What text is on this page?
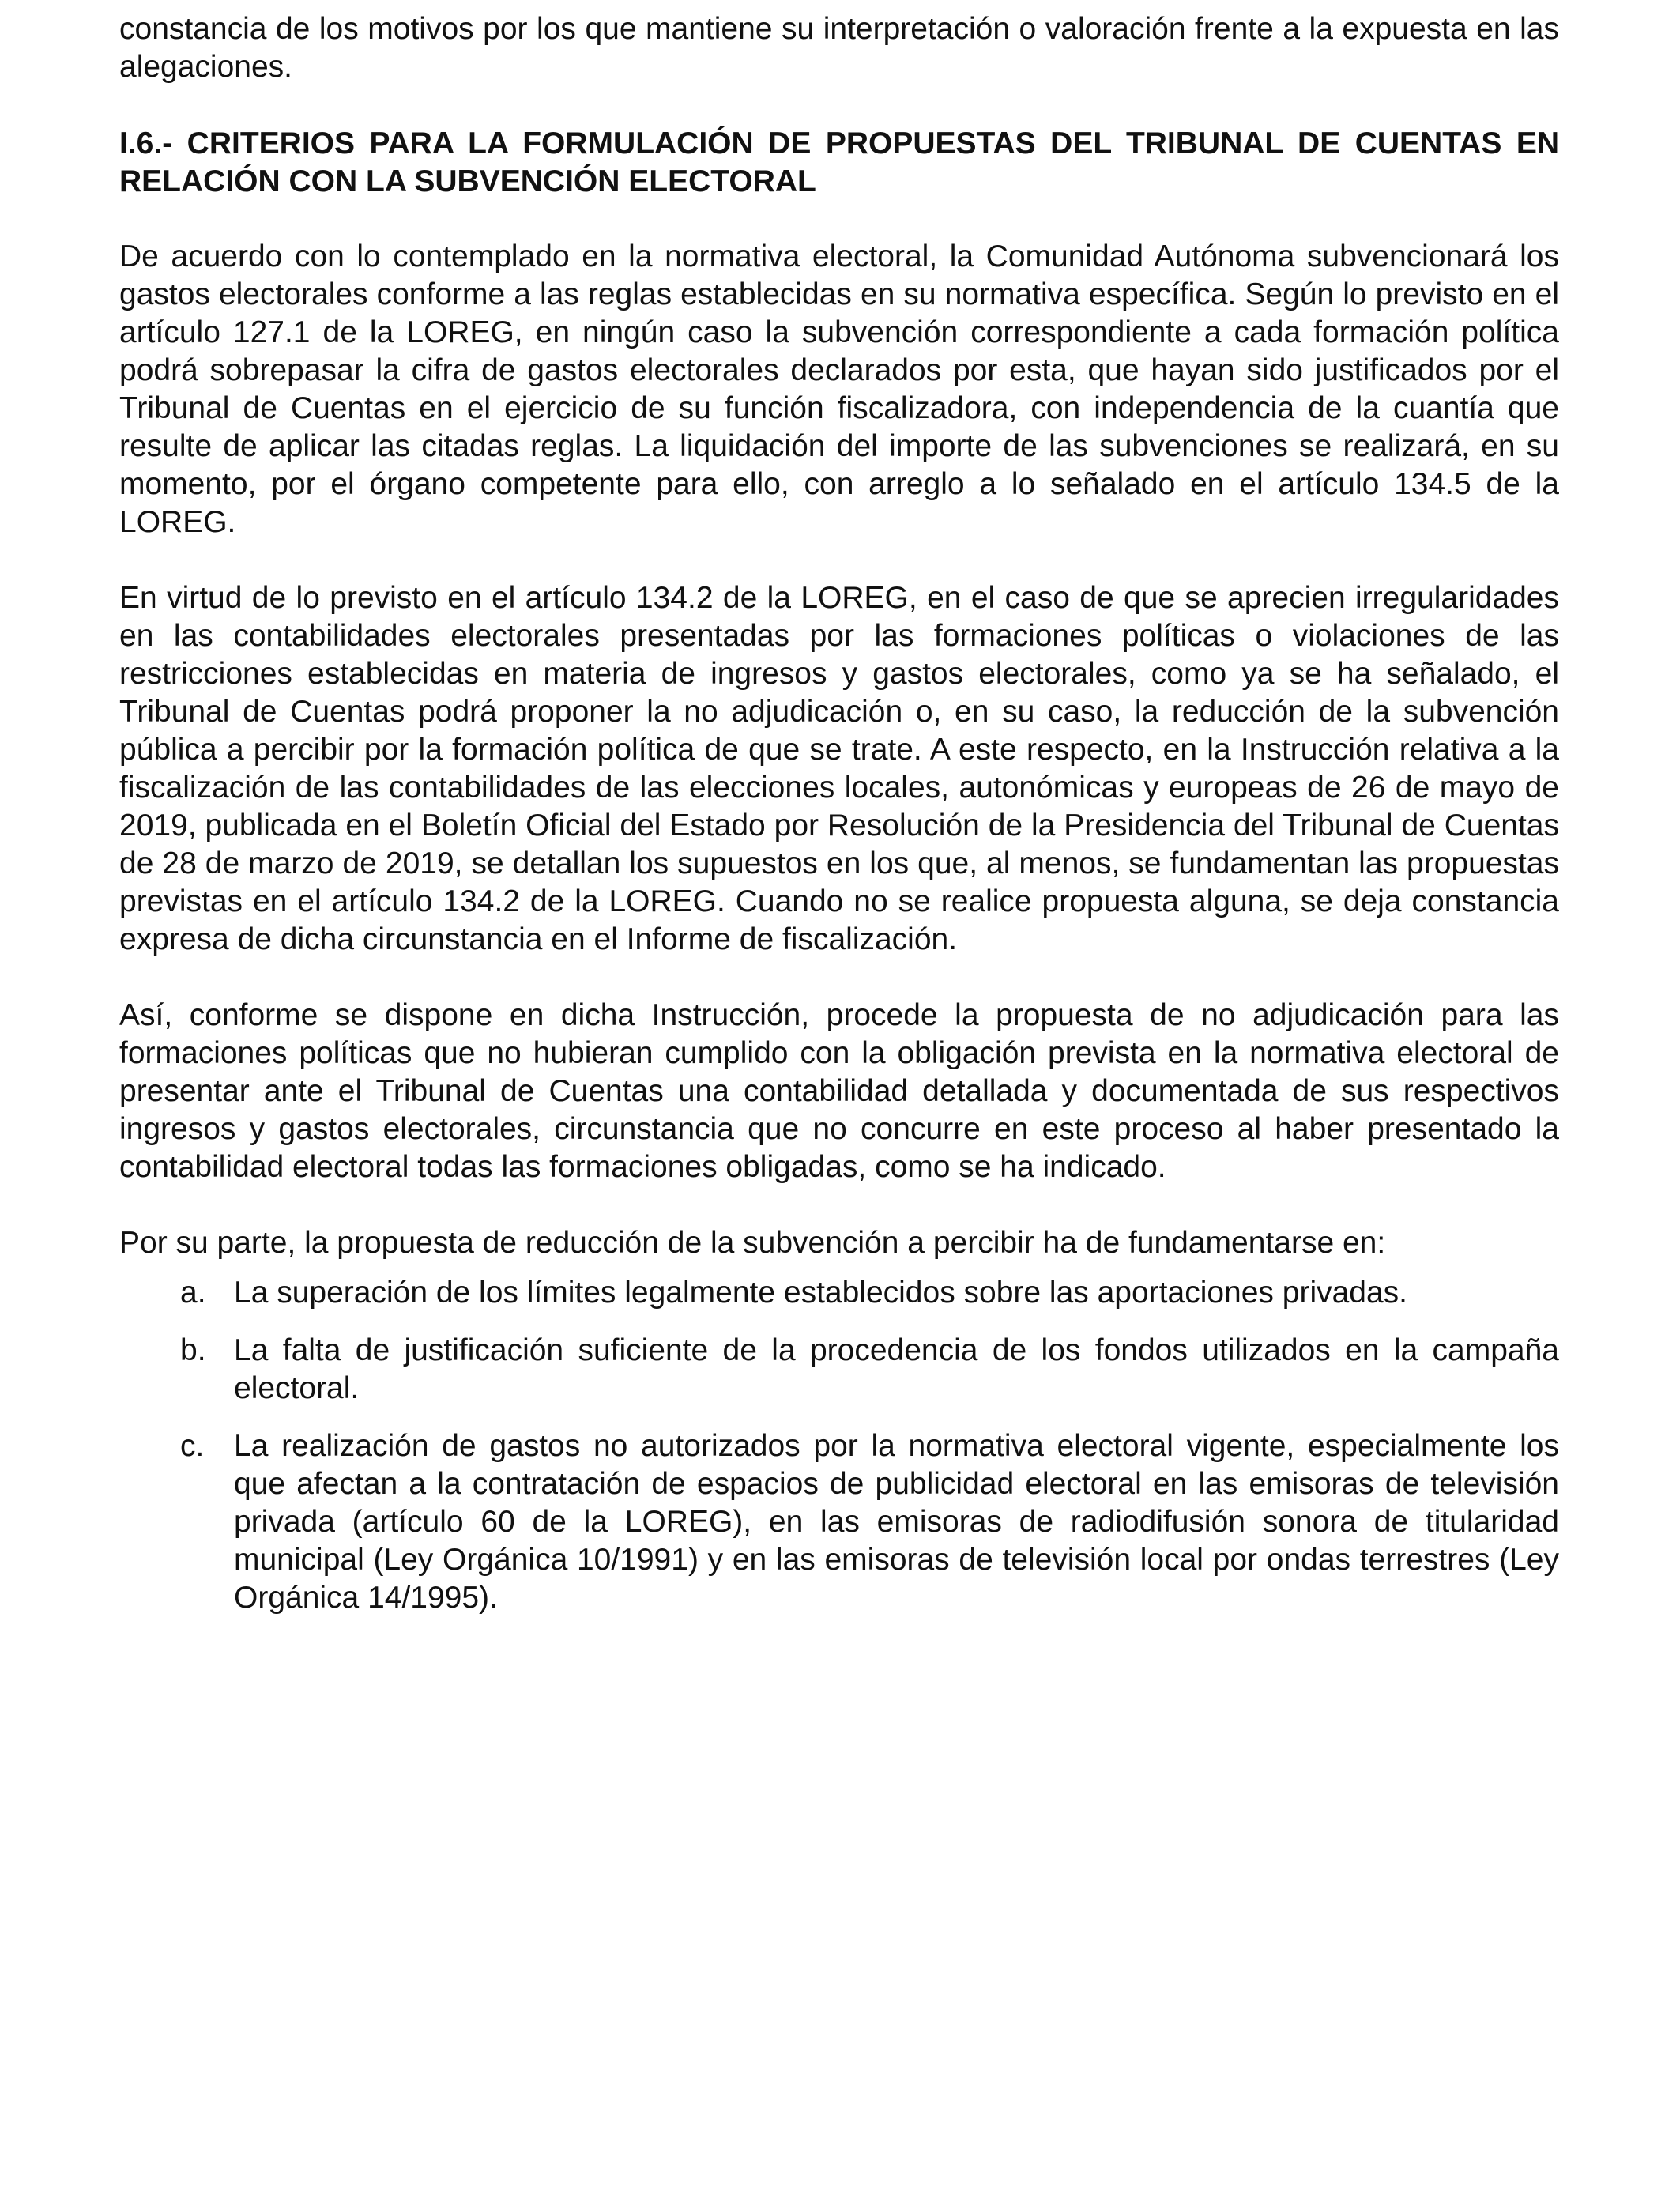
constancia de los motivos por los que mantiene su interpretación o valoración frente a la expuesta en las alegaciones.

I.6.- CRITERIOS PARA LA FORMULACIÓN DE PROPUESTAS DEL TRIBUNAL DE CUENTAS EN RELACIÓN CON LA SUBVENCIÓN ELECTORAL

De acuerdo con lo contemplado en la normativa electoral, la Comunidad Autónoma subvencionará los gastos electorales conforme a las reglas establecidas en su normativa específica. Según lo previsto en el artículo 127.1 de la LOREG, en ningún caso la subvención correspondiente a cada formación política podrá sobrepasar la cifra de gastos electorales declarados por esta, que hayan sido justificados por el Tribunal de Cuentas en el ejercicio de su función fiscalizadora, con independencia de la cuantía que resulte de aplicar las citadas reglas. La liquidación del importe de las subvenciones se realizará, en su momento, por el órgano competente para ello, con arreglo a lo señalado en el artículo 134.5 de la LOREG.

En virtud de lo previsto en el artículo 134.2 de la LOREG, en el caso de que se aprecien irregularidades en las contabilidades electorales presentadas por las formaciones políticas o violaciones de las restricciones establecidas en materia de ingresos y gastos electorales, como ya se ha señalado, el Tribunal de Cuentas podrá proponer la no adjudicación o, en su caso, la reducción de la subvención pública a percibir por la formación política de que se trate. A este respecto, en la Instrucción relativa a la fiscalización de las contabilidades de las elecciones locales, autonómicas y europeas de 26 de mayo de 2019, publicada en el Boletín Oficial del Estado por Resolución de la Presidencia del Tribunal de Cuentas de 28 de marzo de 2019, se detallan los supuestos en los que, al menos, se fundamentan las propuestas previstas en el artículo 134.2 de la LOREG. Cuando no se realice propuesta alguna, se deja constancia expresa de dicha circunstancia en el Informe de fiscalización.

Así, conforme se dispone en dicha Instrucción, procede la propuesta de no adjudicación para las formaciones políticas que no hubieran cumplido con la obligación prevista en la normativa electoral de presentar ante el Tribunal de Cuentas una contabilidad detallada y documentada de sus respectivos ingresos y gastos electorales, circunstancia que no concurre en este proceso al haber presentado la contabilidad electoral todas las formaciones obligadas, como se ha indicado.

Por su parte, la propuesta de reducción de la subvención a percibir ha de fundamentarse en:

a. La superación de los límites legalmente establecidos sobre las aportaciones privadas.
b. La falta de justificación suficiente de la procedencia de los fondos utilizados en la campaña electoral.
c. La realización de gastos no autorizados por la normativa electoral vigente, especialmente los que afectan a la contratación de espacios de publicidad electoral en las emisoras de televisión privada (artículo 60 de la LOREG), en las emisoras de radiodifusión sonora de titularidad municipal (Ley Orgánica 10/1991) y en las emisoras de televisión local por ondas terrestres (Ley Orgánica 14/1995).
